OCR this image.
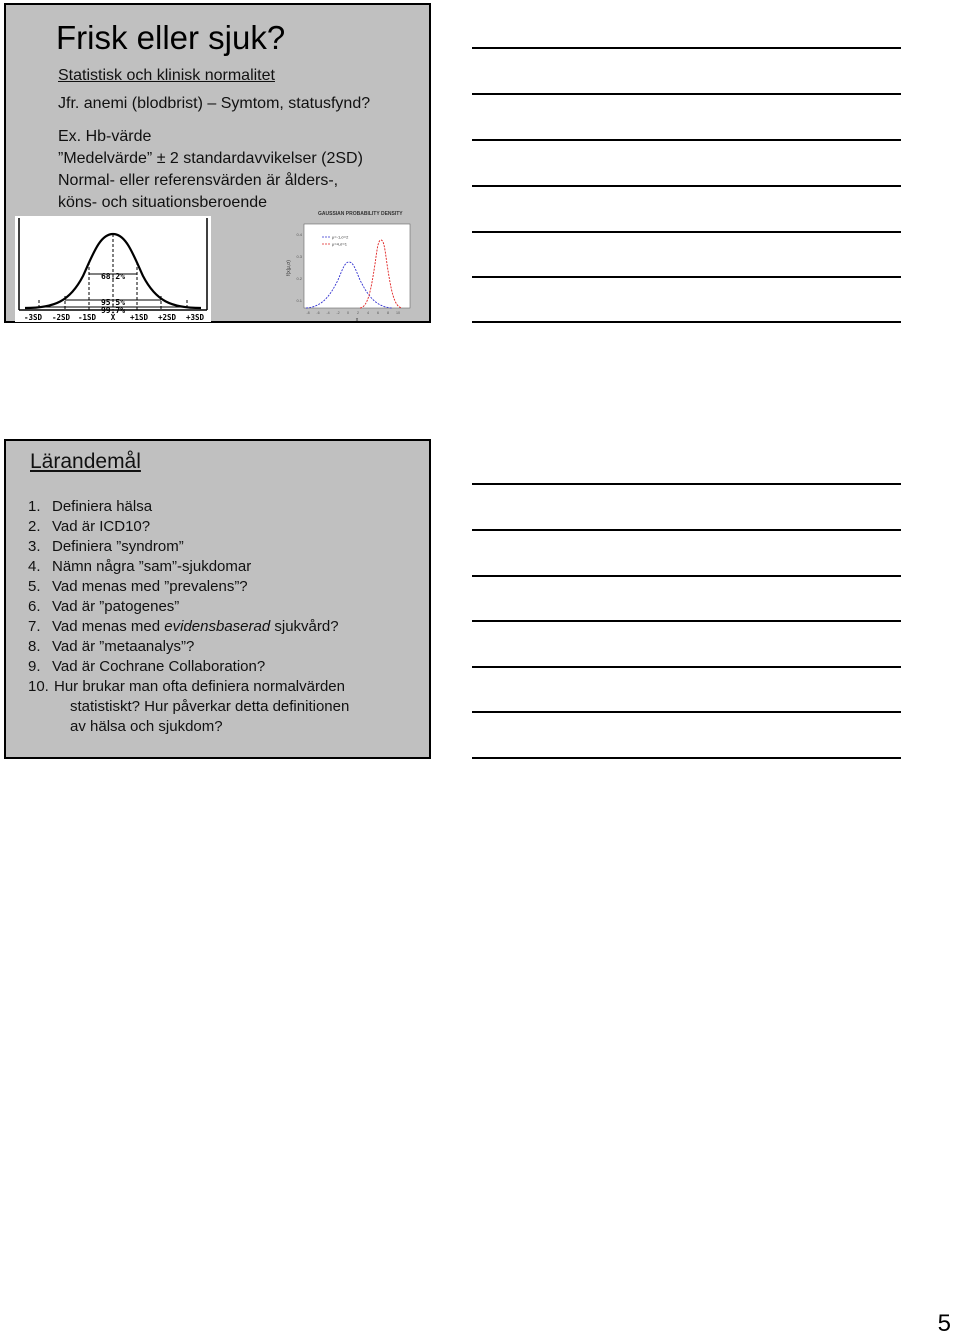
Frisk eller sjuk?
Statistisk och klinisk normalitet
Jfr. anemi (blodbrist) – Symtom, statusfynd?
Ex. Hb-värde
”Medelvärde” ± 2 standardavvikelser (2SD)
Normal- eller referensvärden är ålders-,
köns- och situationsberoende
68.2%
95.5%
99.7%
-3SD -2SD -1SD X̄ +1SD +2SD +3SD
GAUSSIAN PROBABILITY DENSITY
f(x|μ,σ)
0.4
0.3
0.2
0.1
-8 -6 -4 -2 0 2 4 6 8 10
x
μ=-1,σ=2
μ=4,σ=1
Lärandemål
1. Definiera hälsa
2. Vad är ICD10?
3. Definiera ”syndrom”
4. Nämn några ”sam”-sjukdomar
5. Vad menas med ”prevalens”?
6. Vad är ”patogenes”
7. Vad menas med evidensbaserad sjukvård?
8. Vad är ”metaanalys”?
9. Vad är Cochrane Collaboration?
10. Hur brukar man ofta definiera normalvärden
statistiskt? Hur påverkar detta definitionen
av hälsa och sjukdom?
5
